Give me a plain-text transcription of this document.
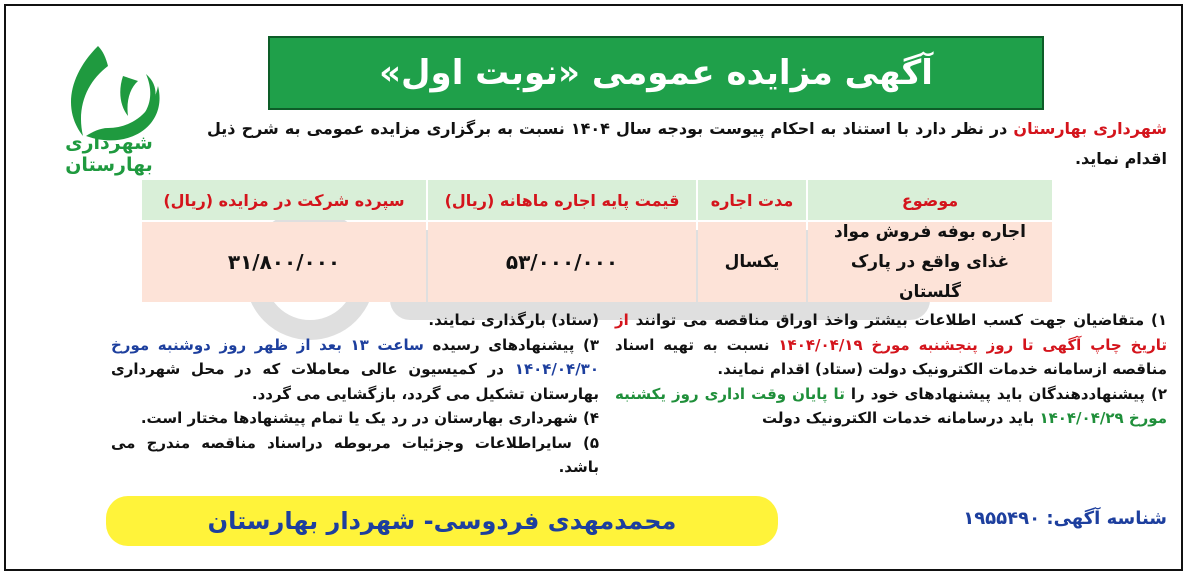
شهرداری بهارستان
آگهی مزایده عمومی «نوبت اول»
شهرداری بهارستان در نظر دارد با استناد به احکام پیوست بودجه سال ۱۴۰۴ نسبت به برگزاری مزایده عمومی به شرح ذیل اقدام نماید.
موضوع
مدت اجاره
قیمت پایه اجاره ماهانه (ریال)
سپرده شرکت در مزایده (ریال)
اجاره بوفه فروش مواد غذای واقع در پارک گلستان
یکسال
۵۳/۰۰۰/۰۰۰
۳۱/۸۰۰/۰۰۰

۱) متقاضیان جهت کسب اطلاعات بیشتر واخذ اوراق مناقصه می توانند از تاریخ چاپ آگهی تا روز پنجشنبه مورخ ۱۴۰۴/۰۴/۱۹ نسبت به تهیه اسناد مناقصه ازسامانه خدمات الکترونیک دولت (ستاد) اقدام نمایند.

۲) پیشنهاددهندگان باید پیشنهادهای خود را تا پایان وقت اداری روز یکشنبه مورخ ۱۴۰۴/۰۴/۲۹ باید درسامانه خدمات الکترونیک دولت

(ستاد) بارگذاری نمایند.

۳) پیشنهادهای رسیده ساعت ۱۳ بعد از ظهر روز دوشنبه مورخ ۱۴۰۴/۰۴/۳۰ در کمیسیون عالی معاملات که در محل شهرداری بهارستان تشکیل می گردد، بازگشایی می گردد.

۴) شهرداری بهارستان در رد یک یا تمام پیشنهادها مختار است.

۵) سایراطلاعات وجزئیات مربوطه دراسناد مناقصه مندرج می باشد.

شناسه آگهی: ۱۹۵۵۴۹۰
محمدمهدی فردوسی- شهردار بهارستان
